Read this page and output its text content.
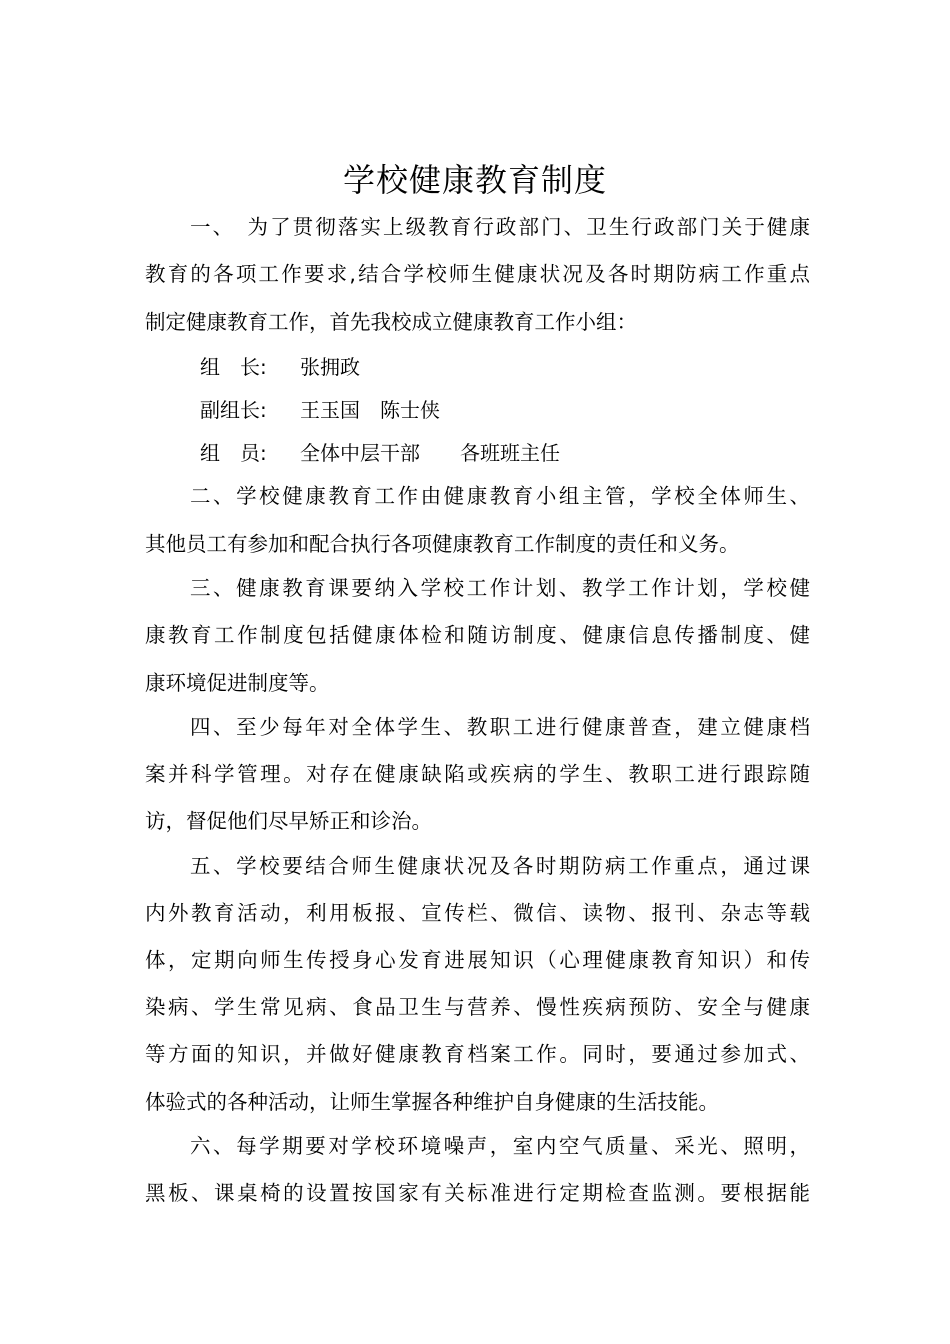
学校健康教育制度
一、　为了贯彻落实上级教育行政部门、卫生行政部门关于健康
教育的各项工作要求,结合学校师生健康状况及各时期防病工作重点
制定健康教育工作，首先我校成立健康教育工作小组：
组　长: 张拥政
副组长: 王玉国　陈士侠
组　员: 全体中层干部　　各班班主任
二、学校健康教育工作由健康教育小组主管，学校全体师生、
其他员工有参加和配合执行各项健康教育工作制度的责任和义务。
三、健康教育课要纳入学校工作计划、教学工作计划，学校健
康教育工作制度包括健康体检和随访制度、健康信息传播制度、健
康环境促进制度等。
四、至少每年对全体学生、教职工进行健康普查，建立健康档
案并科学管理。对存在健康缺陷或疾病的学生、教职工进行跟踪随
访，督促他们尽早矫正和诊治。
五、学校要结合师生健康状况及各时期防病工作重点，通过课
内外教育活动，利用板报、宣传栏、微信、读物、报刊、杂志等载
体，定期向师生传授身心发育进展知识（心理健康教育知识）和传
染病、学生常见病、食品卫生与营养、慢性疾病预防、安全与健康
等方面的知识，并做好健康教育档案工作。同时，要通过参加式、
体验式的各种活动，让师生掌握各种维护自身健康的生活技能。
六、每学期要对学校环境噪声，室内空气质量、采光、照明，
黑板、课桌椅的设置按国家有关标准进行定期检查监测。要根据能
